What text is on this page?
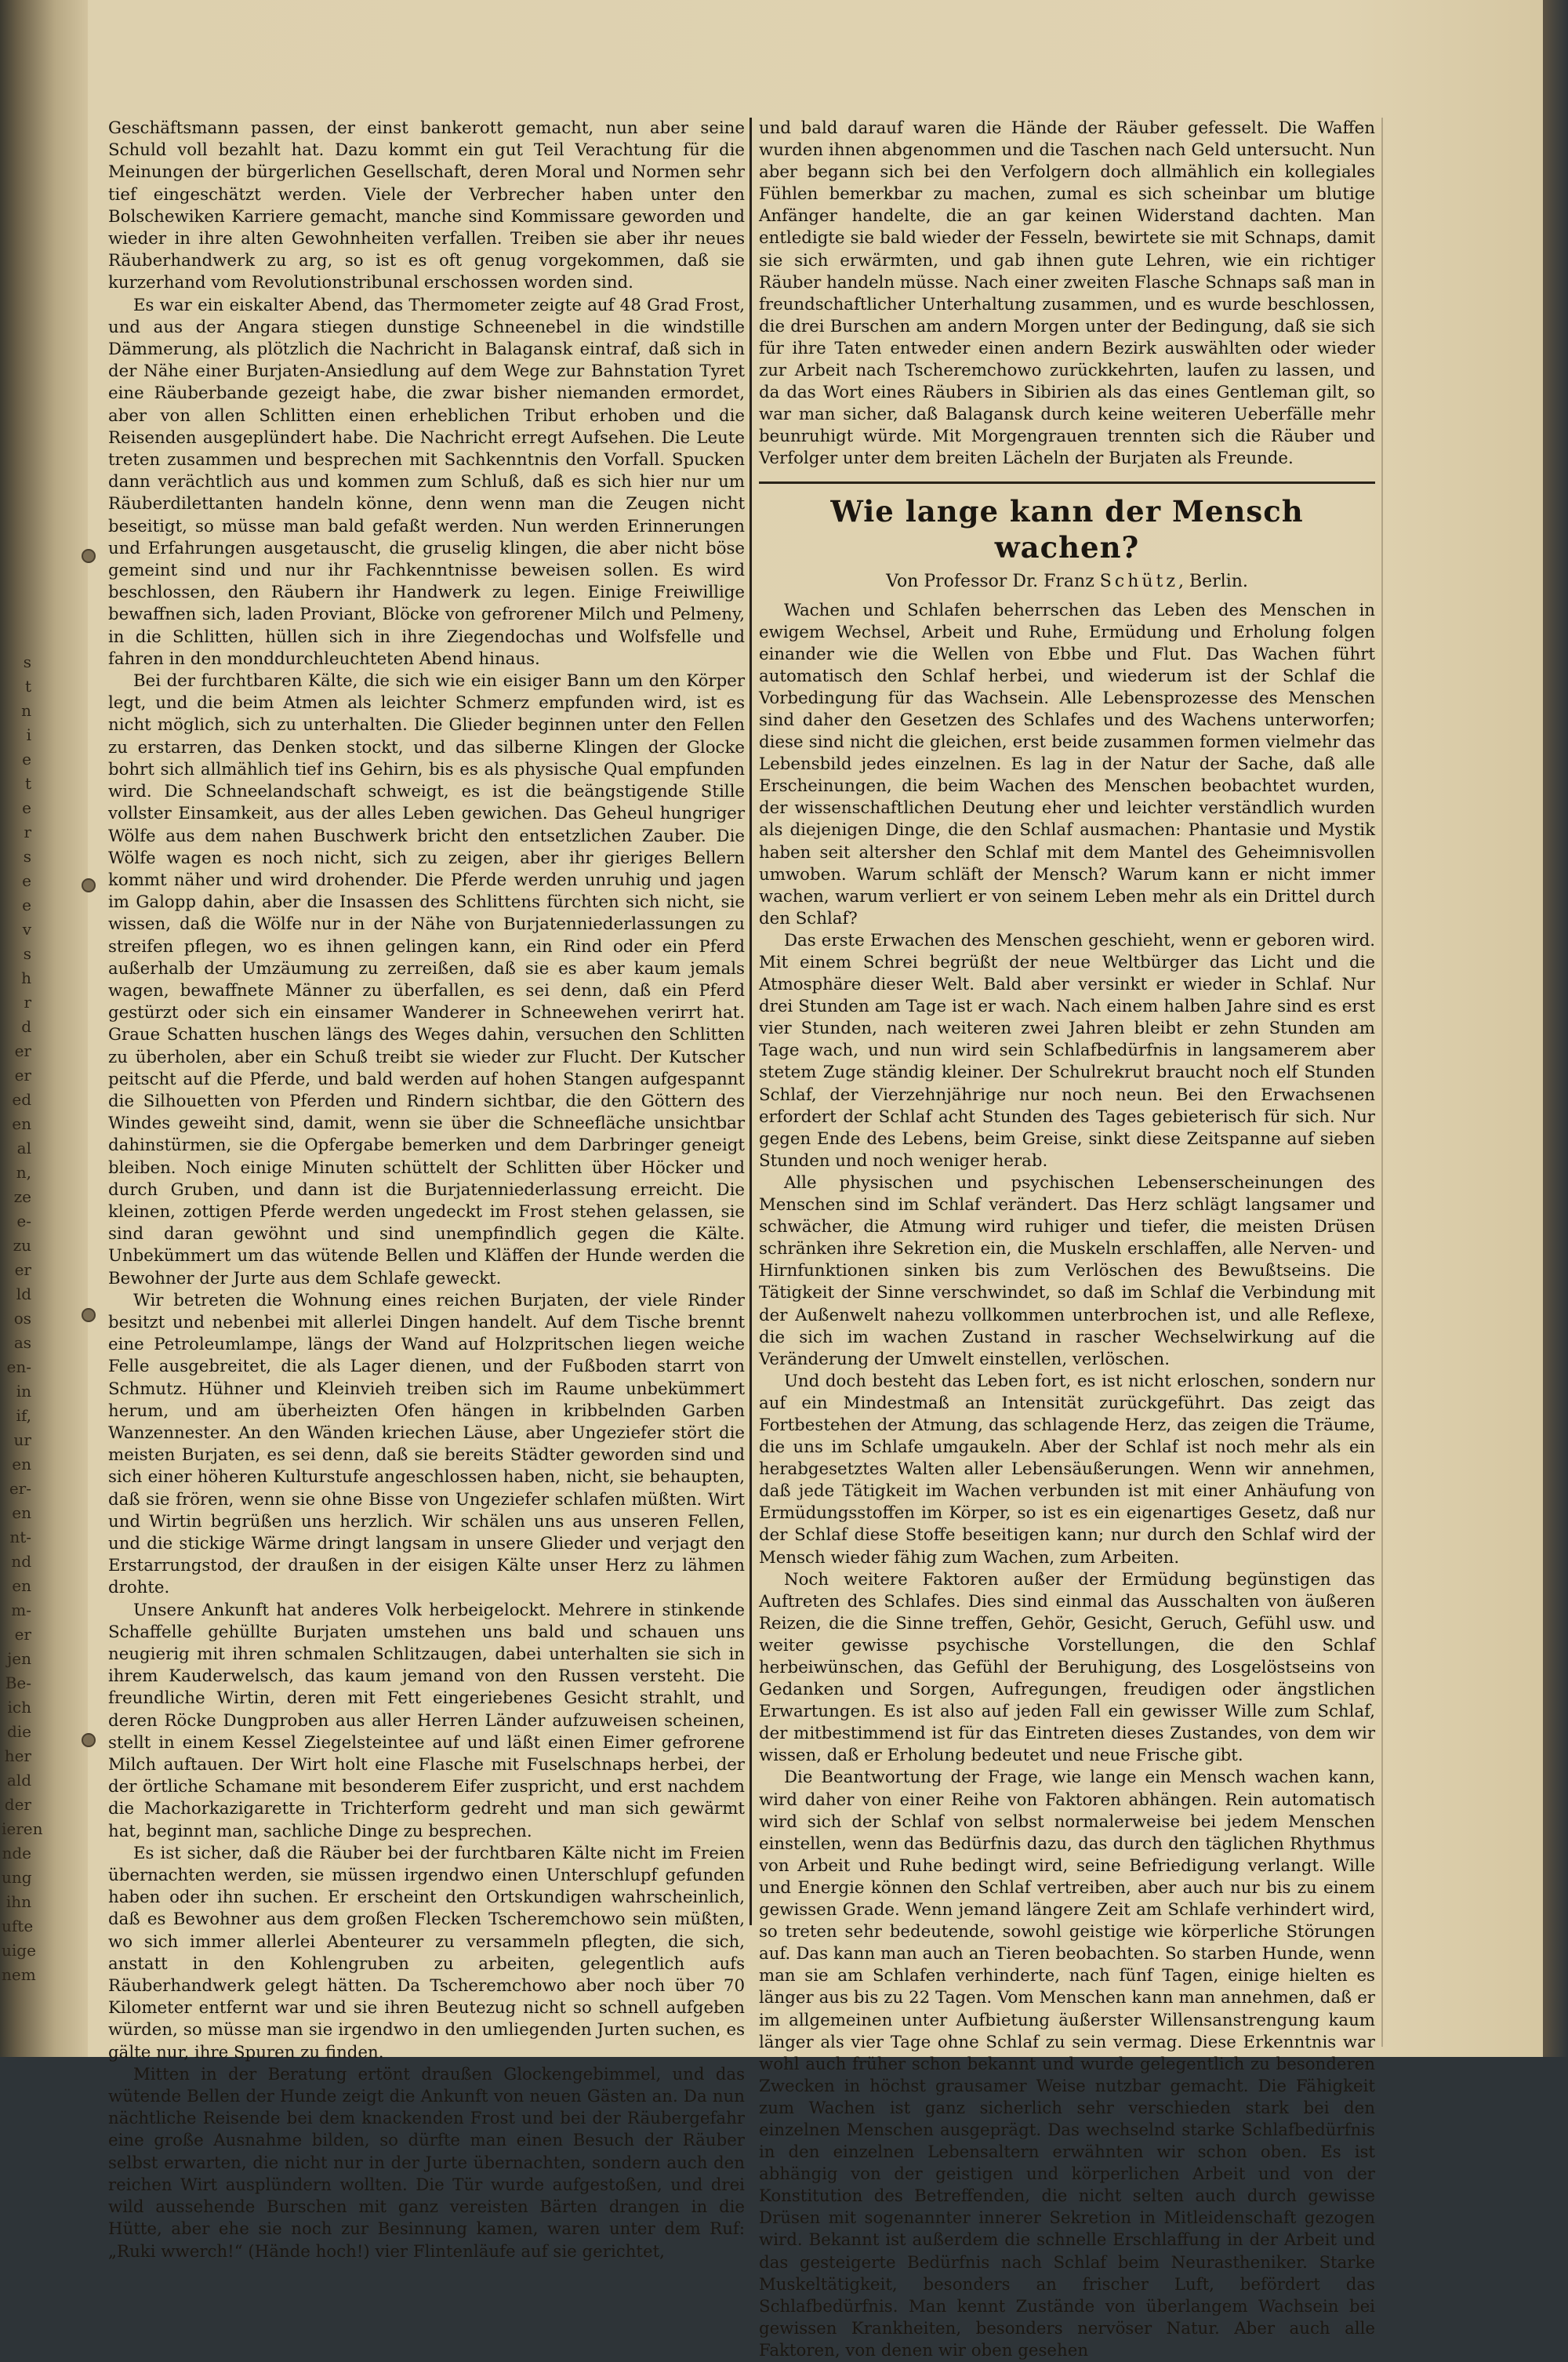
s
t
n
i
e
t
e
r
s
e
e
v
s
h
r
d
er
er
ed
en
al
n,
ze
e-
zu
er
ld
os
as
en-
in
if,
ur
en
er-
en
nt-
nd
en
m-
er
jen
Be-
ich
die
her
ald
der
ieren
nde
ung
ihn
ufte
uige
nem

Geschäftsmann passen, der einst bankerott gemacht, nun aber seine Schuld voll bezahlt hat. Dazu kommt ein gut Teil Verachtung für die Meinungen der bürgerlichen Gesellschaft, deren Moral und Normen sehr tief eingeschätzt werden. Viele der Verbrecher haben unter den Bolschewiken Karriere gemacht, manche sind Kommissare geworden und wieder in ihre alten Gewohnheiten verfallen. Treiben sie aber ihr neues Räuberhandwerk zu arg, so ist es oft genug vorgekommen, daß sie kurzerhand vom Revolutionstribunal erschossen worden sind.

Es war ein eiskalter Abend, das Thermometer zeigte auf 48 Grad Frost, und aus der Angara stiegen dunstige Schneenebel in die windstille Dämmerung, als plötzlich die Nachricht in Balagansk eintraf, daß sich in der Nähe einer Burjaten-Ansiedlung auf dem Wege zur Bahnstation Tyret eine Räuberbande gezeigt habe, die zwar bisher niemanden ermordet, aber von allen Schlitten einen erheblichen Tribut erhoben und die Reisenden ausgeplündert habe. Die Nachricht erregt Aufsehen. Die Leute treten zusammen und besprechen mit Sachkenntnis den Vorfall. Spucken dann verächtlich aus und kommen zum Schluß, daß es sich hier nur um Räuberdilettanten handeln könne, denn wenn man die Zeugen nicht beseitigt, so müsse man bald gefaßt werden. Nun werden Erinnerungen und Erfahrungen ausgetauscht, die gruselig klingen, die aber nicht böse gemeint sind und nur ihr Fachkenntnisse beweisen sollen. Es wird beschlossen, den Räubern ihr Handwerk zu legen. Einige Freiwillige bewaffnen sich, laden Proviant, Blöcke von gefrorener Milch und Pelmeny, in die Schlitten, hüllen sich in ihre Ziegendochas und Wolfsfelle und fahren in den monddurchleuchteten Abend hinaus.

Bei der furchtbaren Kälte, die sich wie ein eisiger Bann um den Körper legt, und die beim Atmen als leichter Schmerz empfunden wird, ist es nicht möglich, sich zu unterhalten. Die Glieder beginnen unter den Fellen zu erstarren, das Denken stockt, und das silberne Klingen der Glocke bohrt sich allmählich tief ins Gehirn, bis es als physische Qual empfunden wird. Die Schneelandschaft schweigt, es ist die beängstigende Stille vollster Einsamkeit, aus der alles Leben gewichen. Das Geheul hungriger Wölfe aus dem nahen Buschwerk bricht den entsetzlichen Zauber. Die Wölfe wagen es noch nicht, sich zu zeigen, aber ihr gieriges Bellern kommt näher und wird drohender. Die Pferde werden unruhig und jagen im Galopp dahin, aber die Insassen des Schlittens fürchten sich nicht, sie wissen, daß die Wölfe nur in der Nähe von Burjatenniederlassungen zu streifen pflegen, wo es ihnen gelingen kann, ein Rind oder ein Pferd außerhalb der Umzäumung zu zerreißen, daß sie es aber kaum jemals wagen, bewaffnete Männer zu überfallen, es sei denn, daß ein Pferd gestürzt oder sich ein einsamer Wanderer in Schneewehen verirrt hat. Graue Schatten huschen längs des Weges dahin, versuchen den Schlitten zu überholen, aber ein Schuß treibt sie wieder zur Flucht. Der Kutscher peitscht auf die Pferde, und bald werden auf hohen Stangen aufgespannt die Silhouetten von Pferden und Rindern sichtbar, die den Göttern des Windes geweiht sind, damit, wenn sie über die Schneefläche unsichtbar dahinstürmen, sie die Opfergabe bemerken und dem Darbringer geneigt bleiben. Noch einige Minuten schüttelt der Schlitten über Höcker und durch Gruben, und dann ist die Burjatenniederlassung erreicht. Die kleinen, zottigen Pferde werden ungedeckt im Frost stehen gelassen, sie sind daran gewöhnt und sind unempfindlich gegen die Kälte. Unbekümmert um das wütende Bellen und Kläffen der Hunde werden die Bewohner der Jurte aus dem Schlafe geweckt.

Wir betreten die Wohnung eines reichen Burjaten, der viele Rinder besitzt und nebenbei mit allerlei Dingen handelt. Auf dem Tische brennt eine Petroleumlampe, längs der Wand auf Holzpritschen liegen weiche Felle ausgebreitet, die als Lager dienen, und der Fußboden starrt von Schmutz. Hühner und Kleinvieh treiben sich im Raume unbekümmert herum, und am überheizten Ofen hängen in kribbelnden Garben Wanzennester. An den Wänden kriechen Läuse, aber Ungeziefer stört die meisten Burjaten, es sei denn, daß sie bereits Städter geworden sind und sich einer höheren Kulturstufe angeschlossen haben, nicht, sie behaupten, daß sie frören, wenn sie ohne Bisse von Ungeziefer schlafen müßten. Wirt und Wirtin begrüßen uns herzlich. Wir schälen uns aus unseren Fellen, und die stickige Wärme dringt langsam in unsere Glieder und verjagt den Erstarrungstod, der draußen in der eisigen Kälte unser Herz zu lähmen drohte.

Unsere Ankunft hat anderes Volk herbeigelockt. Mehrere in stinkende Schaffelle gehüllte Burjaten umstehen uns bald und schauen uns neugierig mit ihren schmalen Schlitzaugen, dabei unterhalten sie sich in ihrem Kauderwelsch, das kaum jemand von den Russen versteht. Die freundliche Wirtin, deren mit Fett eingeriebenes Gesicht strahlt, und deren Röcke Dungproben aus aller Herren Länder aufzuweisen scheinen, stellt in einem Kessel Ziegelsteintee auf und läßt einen Eimer gefrorene Milch auftauen. Der Wirt holt eine Flasche mit Fuselschnaps herbei, der der örtliche Schamane mit besonderem Eifer zuspricht, und erst nachdem die Machorkazigarette in Trichterform gedreht und man sich gewärmt hat, beginnt man, sachliche Dinge zu besprechen.

Es ist sicher, daß die Räuber bei der furchtbaren Kälte nicht im Freien übernachten werden, sie müssen irgendwo einen Unterschlupf gefunden haben oder ihn suchen. Er erscheint den Ortskundigen wahrscheinlich, daß es Bewohner aus dem großen Flecken Tscheremchowo sein müßten, wo sich immer allerlei Abenteurer zu versammeln pflegten, die sich, anstatt in den Kohlengruben zu arbeiten, gelegentlich aufs Räuberhandwerk gelegt hätten. Da Tscheremchowo aber noch über 70 Kilometer entfernt war und sie ihren Beutezug nicht so schnell aufgeben würden, so müsse man sie irgendwo in den umliegenden Jurten suchen, es gälte nur, ihre Spuren zu finden.

Mitten in der Beratung ertönt draußen Glockengebimmel, und das wütende Bellen der Hunde zeigt die Ankunft von neuen Gästen an. Da nun nächtliche Reisende bei dem knackenden Frost und bei der Räubergefahr eine große Ausnahme bilden, so dürfte man einen Besuch der Räuber selbst erwarten, die nicht nur in der Jurte übernachten, sondern auch den reichen Wirt ausplündern wollten. Die Tür wurde aufgestoßen, und drei wild aussehende Burschen mit ganz vereisten Bärten drangen in die Hütte, aber ehe sie noch zur Besinnung kamen, waren unter dem Ruf: „Ruki wwerch!“ (Hände hoch!) vier Flintenläufe auf sie gerichtet,

und bald darauf waren die Hände der Räuber gefesselt. Die Waffen wurden ihnen abgenommen und die Taschen nach Geld untersucht. Nun aber begann sich bei den Verfolgern doch allmählich ein kollegiales Fühlen bemerkbar zu machen, zumal es sich scheinbar um blutige Anfänger handelte, die an gar keinen Widerstand dachten. Man entledigte sie bald wieder der Fesseln, bewirtete sie mit Schnaps, damit sie sich erwärmten, und gab ihnen gute Lehren, wie ein richtiger Räuber handeln müsse. Nach einer zweiten Flasche Schnaps saß man in freundschaftlicher Unterhaltung zusammen, und es wurde beschlossen, die drei Burschen am andern Morgen unter der Bedingung, daß sie sich für ihre Taten entweder einen andern Bezirk auswählten oder wieder zur Arbeit nach Tscheremchowo zurückkehrten, laufen zu lassen, und da das Wort eines Räubers in Sibirien als das eines Gentleman gilt, so war man sicher, daß Balagansk durch keine weiteren Ueberfälle mehr beunruhigt würde. Mit Morgengrauen trennten sich die Räuber und Verfolger unter dem breiten Lächeln der Burjaten als Freunde.

Wie lange kann der Mensch wachen?

Von Professor Dr. Franz Schütz, Berlin.

Wachen und Schlafen beherrschen das Leben des Menschen in ewigem Wechsel, Arbeit und Ruhe, Ermüdung und Erholung folgen einander wie die Wellen von Ebbe und Flut. Das Wachen führt automatisch den Schlaf herbei, und wiederum ist der Schlaf die Vorbedingung für das Wachsein. Alle Lebensprozesse des Menschen sind daher den Gesetzen des Schlafes und des Wachens unterworfen; diese sind nicht die gleichen, erst beide zusammen formen vielmehr das Lebensbild jedes einzelnen. Es lag in der Natur der Sache, daß alle Erscheinungen, die beim Wachen des Menschen beobachtet wurden, der wissenschaftlichen Deutung eher und leichter verständlich wurden als diejenigen Dinge, die den Schlaf ausmachen: Phantasie und Mystik haben seit altersher den Schlaf mit dem Mantel des Geheimnisvollen umwoben. Warum schläft der Mensch? Warum kann er nicht immer wachen, warum verliert er von seinem Leben mehr als ein Drittel durch den Schlaf?

Das erste Erwachen des Menschen geschieht, wenn er geboren wird. Mit einem Schrei begrüßt der neue Weltbürger das Licht und die Atmosphäre dieser Welt. Bald aber versinkt er wieder in Schlaf. Nur drei Stunden am Tage ist er wach. Nach einem halben Jahre sind es erst vier Stunden, nach weiteren zwei Jahren bleibt er zehn Stunden am Tage wach, und nun wird sein Schlafbedürfnis in langsamerem aber stetem Zuge ständig kleiner. Der Schulrekrut braucht noch elf Stunden Schlaf, der Vierzehnjährige nur noch neun. Bei den Erwachsenen erfordert der Schlaf acht Stunden des Tages gebieterisch für sich. Nur gegen Ende des Lebens, beim Greise, sinkt diese Zeitspanne auf sieben Stunden und noch weniger herab.

Alle physischen und psychischen Lebenserscheinungen des Menschen sind im Schlaf verändert. Das Herz schlägt langsamer und schwächer, die Atmung wird ruhiger und tiefer, die meisten Drüsen schränken ihre Sekretion ein, die Muskeln erschlaffen, alle Nerven- und Hirnfunktionen sinken bis zum Verlöschen des Bewußtseins. Die Tätigkeit der Sinne verschwindet, so daß im Schlaf die Verbindung mit der Außenwelt nahezu vollkommen unterbrochen ist, und alle Reflexe, die sich im wachen Zustand in rascher Wechselwirkung auf die Veränderung der Umwelt einstellen, verlöschen.

Und doch besteht das Leben fort, es ist nicht erloschen, sondern nur auf ein Mindestmaß an Intensität zurückgeführt. Das zeigt das Fortbestehen der Atmung, das schlagende Herz, das zeigen die Träume, die uns im Schlafe umgaukeln. Aber der Schlaf ist noch mehr als ein herabgesetztes Walten aller Lebensäußerungen. Wenn wir annehmen, daß jede Tätigkeit im Wachen verbunden ist mit einer Anhäufung von Ermüdungsstoffen im Körper, so ist es ein eigenartiges Gesetz, daß nur der Schlaf diese Stoffe beseitigen kann; nur durch den Schlaf wird der Mensch wieder fähig zum Wachen, zum Arbeiten.

Noch weitere Faktoren außer der Ermüdung begünstigen das Auftreten des Schlafes. Dies sind einmal das Ausschalten von äußeren Reizen, die die Sinne treffen, Gehör, Gesicht, Geruch, Gefühl usw. und weiter gewisse psychische Vorstellungen, die den Schlaf herbeiwünschen, das Gefühl der Beruhigung, des Losgelöstseins von Gedanken und Sorgen, Aufregungen, freudigen oder ängstlichen Erwartungen. Es ist also auf jeden Fall ein gewisser Wille zum Schlaf, der mitbestimmend ist für das Eintreten dieses Zustandes, von dem wir wissen, daß er Erholung bedeutet und neue Frische gibt.

Die Beantwortung der Frage, wie lange ein Mensch wachen kann, wird daher von einer Reihe von Faktoren abhängen. Rein automatisch wird sich der Schlaf von selbst normalerweise bei jedem Menschen einstellen, wenn das Bedürfnis dazu, das durch den täglichen Rhythmus von Arbeit und Ruhe bedingt wird, seine Befriedigung verlangt. Wille und Energie können den Schlaf vertreiben, aber auch nur bis zu einem gewissen Grade. Wenn jemand längere Zeit am Schlafe verhindert wird, so treten sehr bedeutende, sowohl geistige wie körperliche Störungen auf. Das kann man auch an Tieren beobachten. So starben Hunde, wenn man sie am Schlafen verhinderte, nach fünf Tagen, einige hielten es länger aus bis zu 22 Tagen. Vom Menschen kann man annehmen, daß er im allgemeinen unter Aufbietung äußerster Willensanstrengung kaum länger als vier Tage ohne Schlaf zu sein vermag. Diese Erkenntnis war wohl auch früher schon bekannt und wurde gelegentlich zu besonderen Zwecken in höchst grausamer Weise nutzbar gemacht. Die Fähigkeit zum Wachen ist ganz sicherlich sehr verschieden stark bei den einzelnen Menschen ausgeprägt. Das wechselnd starke Schlafbedürfnis in den einzelnen Lebensaltern erwähnten wir schon oben. Es ist abhängig von der geistigen und körperlichen Arbeit und von der Konstitution des Betreffenden, die nicht selten auch durch gewisse Drüsen mit sogenannter innerer Sekretion in Mitleidenschaft gezogen wird. Bekannt ist außerdem die schnelle Erschlaffung in der Arbeit und das gesteigerte Bedürfnis nach Schlaf beim Neurastheniker. Starke Muskeltätigkeit, besonders an frischer Luft, befördert das Schlafbedürfnis. Man kennt Zustände von überlangem Wachsein bei gewissen Krankheiten, besonders nervöser Natur. Aber auch alle Faktoren, von denen wir oben gesehen
